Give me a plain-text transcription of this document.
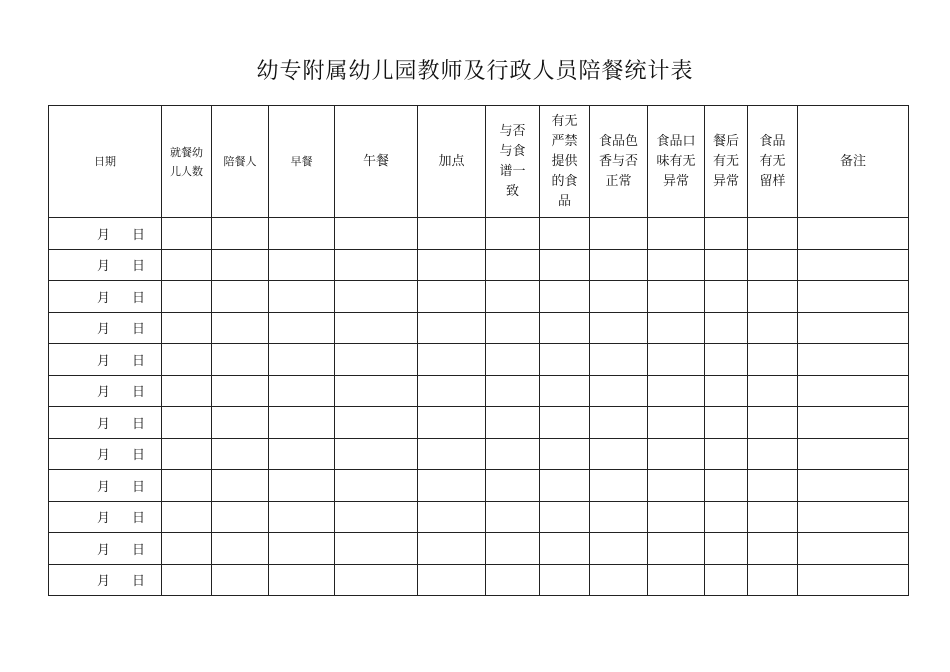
幼专附属幼儿园教师及行政人员陪餐统计表
日期	就餐幼
儿人数	陪餐人	早餐	午餐	加点	与否
与食
谱一
致	有无
严禁
提供
的食
品	食品色
香与否
正常	食品口
味有无
异常	餐后
有无
异常	食品
有无
留样	备注
月 日												
月 日												
月 日												
月 日												
月 日												
月 日												
月 日												
月 日												
月 日												
月 日												
月 日												
月 日												
